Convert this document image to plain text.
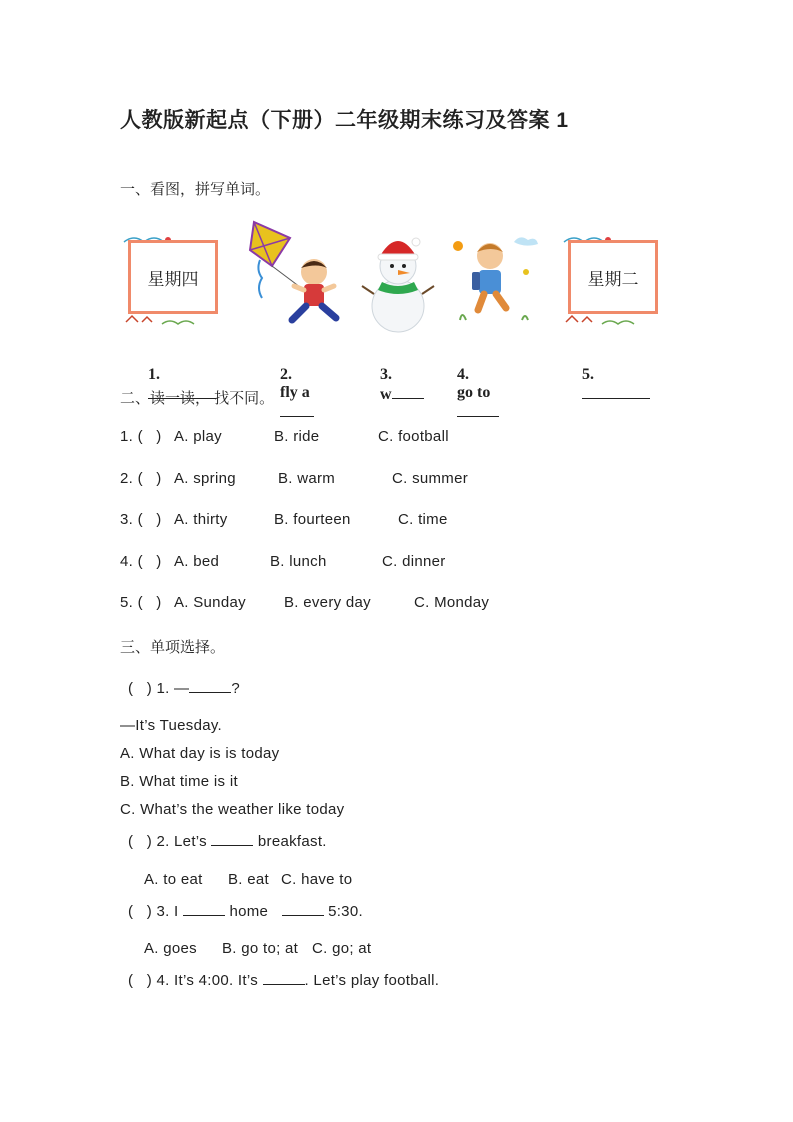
人教版新起点（下册）二年级期末练习及答案 1
一、看图，拼写单词。
星期四	星期二

1.
	2.
fly a

3.
w

4.
go to

5.

二、读一读， 找不同。
1. (   ) A. play	B. ride	C. football
2. (   ) A. spring	B. warm	C. summer
3. (   ) A. thirty	B. fourteen	C. time
4. (   ) A. bed	B. lunch	C. dinner
5. (   ) A. Sunday	B. every day	C. Monday
三、单项选择。
(   ) 1. —	?
—It’s Tuesday.
A. What day is is today
B. What time is it
C. What’s the weather like today
(   ) 2. Let’s	breakfast.
A. to eat B. eat C. have to
(   ) 3. I	home	5:30.
A. goes B. go to; at C. go; at
(   ) 4. It’s 4:00. It’s	. Let’s play football.
